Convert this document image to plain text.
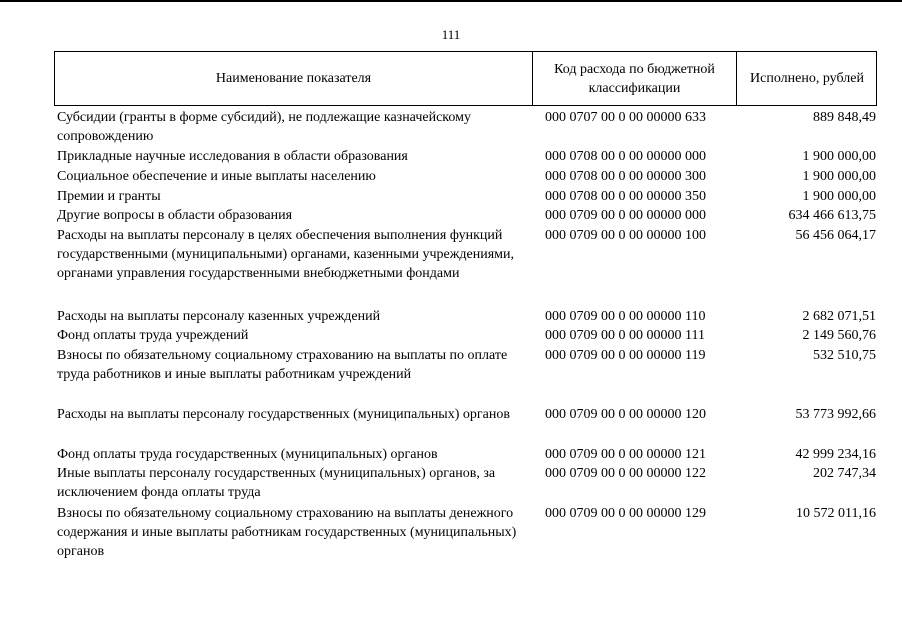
111
Наименование показателя
Код расхода по бюджетной классификации
Исполнено, рублей
Субсидии (гранты в форме субсидий), не подлежащие казначейскому сопровождению
000 0707 00 0 00 00000 633	889 848,49
Прикладные научные исследования в области образования	000 0708 00 0 00 00000 000	1 900 000,00
Социальное обеспечение и иные выплаты населению	000 0708 00 0 00 00000 300	1 900 000,00
Премии и гранты	000 0708 00 0 00 00000 350	1 900 000,00
Другие вопросы в области образования	000 0709 00 0 00 00000 000	634 466 613,75
Расходы на выплаты персоналу в целях обеспечения выполнения функций государственными (муниципальными) органами, казенными учреждениями, органами управления государственными внебюджетными фондами
000 0709 00 0 00 00000 100	56 456 064,17
Расходы на выплаты персоналу казенных учреждений	000 0709 00 0 00 00000 110	2 682 071,51
Фонд оплаты труда учреждений	000 0709 00 0 00 00000 111	2 149 560,76
Взносы по обязательному социальному страхованию на выплаты по оплате труда работников и иные выплаты работникам учреждений
000 0709 00 0 00 00000 119	532 510,75
Расходы на выплаты персоналу государственных (муниципальных) органов	000 0709 00 0 00 00000 120	53 773 992,66
Фонд оплаты труда государственных (муниципальных) органов	000 0709 00 0 00 00000 121	42 999 234,16
Иные выплаты персоналу государственных (муниципальных) органов, за исключением фонда оплаты труда
000 0709 00 0 00 00000 122	202 747,34
Взносы по обязательному социальному страхованию на выплаты денежного содержания и иные выплаты работникам государственных (муниципальных) органов
000 0709 00 0 00 00000 129	10 572 011,16
